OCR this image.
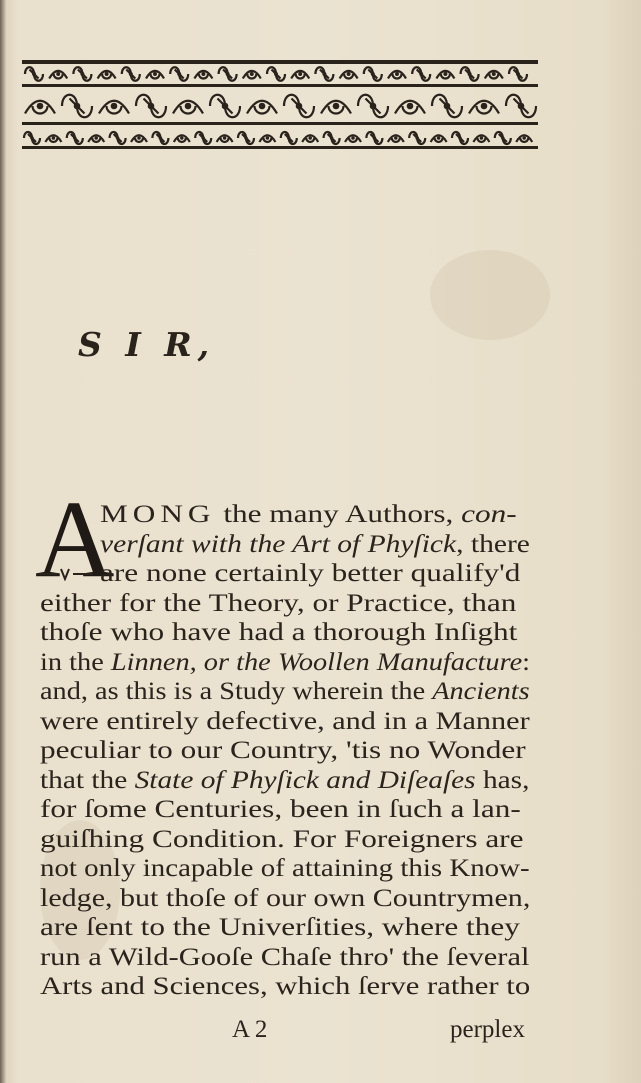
S I R,
A
MONG the many Authors, con-
verſant with the Art of Phyſick, there
are none certainly better qualify'd
either for the Theory, or Practice, than
thoſe who have had a thorough Inſight
in the Linnen, or the Woollen Manufacture:
and, as this is a Study wherein the Ancients
were entirely defective, and in a Manner
peculiar to our Country, 'tis no Wonder
that the State of Phyſick and Diſeaſes has,
for ſome Centuries, been in ſuch a lan-
guiſhing Condition. For Foreigners are
not only incapable of attaining this Know-
ledge, but thoſe of our own Countrymen,
are ſent to the Univerſities, where they
run a Wild-Gooſe Chaſe thro' the ſeveral
Arts and Sciences, which ſerve rather to
A 2	perplex
